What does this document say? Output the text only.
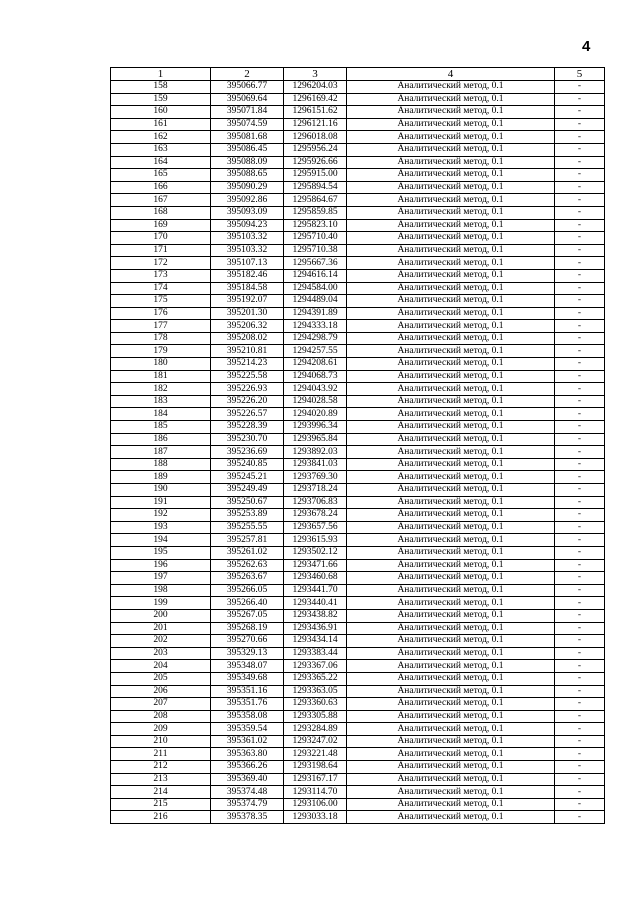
4
1	2	3	4	5
158	395066.77	1296204.03	Аналитический метод, 0.1	-
159	395069.64	1296169.42	Аналитический метод, 0.1	-
160	395071.84	1296151.62	Аналитический метод, 0.1	-
161	395074.59	1296121.16	Аналитический метод, 0.1	-
162	395081.68	1296018.08	Аналитический метод, 0.1	-
163	395086.45	1295956.24	Аналитический метод, 0.1	-
164	395088.09	1295926.66	Аналитический метод, 0.1	-
165	395088.65	1295915.00	Аналитический метод, 0.1	-
166	395090.29	1295894.54	Аналитический метод, 0.1	-
167	395092.86	1295864.67	Аналитический метод, 0.1	-
168	395093.09	1295859.85	Аналитический метод, 0.1	-
169	395094.23	1295823.10	Аналитический метод, 0.1	-
170	395103.32	1295710.40	Аналитический метод, 0.1	-
171	395103.32	1295710.38	Аналитический метод, 0.1	-
172	395107.13	1295667.36	Аналитический метод, 0.1	-
173	395182.46	1294616.14	Аналитический метод, 0.1	-
174	395184.58	1294584.00	Аналитический метод, 0.1	-
175	395192.07	1294489.04	Аналитический метод, 0.1	-
176	395201.30	1294391.89	Аналитический метод, 0.1	-
177	395206.32	1294333.18	Аналитический метод, 0.1	-
178	395208.02	1294298.79	Аналитический метод, 0.1	-
179	395210.81	1294257.55	Аналитический метод, 0.1	-
180	395214.23	1294208.61	Аналитический метод, 0.1	-
181	395225.58	1294068.73	Аналитический метод, 0.1	-
182	395226.93	1294043.92	Аналитический метод, 0.1	-
183	395226.20	1294028.58	Аналитический метод, 0.1	-
184	395226.57	1294020.89	Аналитический метод, 0.1	-
185	395228.39	1293996.34	Аналитический метод, 0.1	-
186	395230.70	1293965.84	Аналитический метод, 0.1	-
187	395236.69	1293892.03	Аналитический метод, 0.1	-
188	395240.85	1293841.03	Аналитический метод, 0.1	-
189	395245.21	1293769.30	Аналитический метод, 0.1	-
190	395249.49	1293718.24	Аналитический метод, 0.1	-
191	395250.67	1293706.83	Аналитический метод, 0.1	-
192	395253.89	1293678.24	Аналитический метод, 0.1	-
193	395255.55	1293657.56	Аналитический метод, 0.1	-
194	395257.81	1293615.93	Аналитический метод, 0.1	-
195	395261.02	1293502.12	Аналитический метод, 0.1	-
196	395262.63	1293471.66	Аналитический метод, 0.1	-
197	395263.67	1293460.68	Аналитический метод, 0.1	-
198	395266.05	1293441.70	Аналитический метод, 0.1	-
199	395266.40	1293440.41	Аналитический метод, 0.1	-
200	395267.05	1293438.82	Аналитический метод, 0.1	-
201	395268.19	1293436.91	Аналитический метод, 0.1	-
202	395270.66	1293434.14	Аналитический метод, 0.1	-
203	395329.13	1293383.44	Аналитический метод, 0.1	-
204	395348.07	1293367.06	Аналитический метод, 0.1	-
205	395349.68	1293365.22	Аналитический метод, 0.1	-
206	395351.16	1293363.05	Аналитический метод, 0.1	-
207	395351.76	1293360.63	Аналитический метод, 0.1	-
208	395358.08	1293305.88	Аналитический метод, 0.1	-
209	395359.54	1293284.89	Аналитический метод, 0.1	-
210	395361.02	1293247.02	Аналитический метод, 0.1	-
211	395363.80	1293221.48	Аналитический метод, 0.1	-
212	395366.26	1293198.64	Аналитический метод, 0.1	-
213	395369.40	1293167.17	Аналитический метод, 0.1	-
214	395374.48	1293114.70	Аналитический метод, 0.1	-
215	395374.79	1293106.00	Аналитический метод, 0.1	-
216	395378.35	1293033.18	Аналитический метод, 0.1	-
